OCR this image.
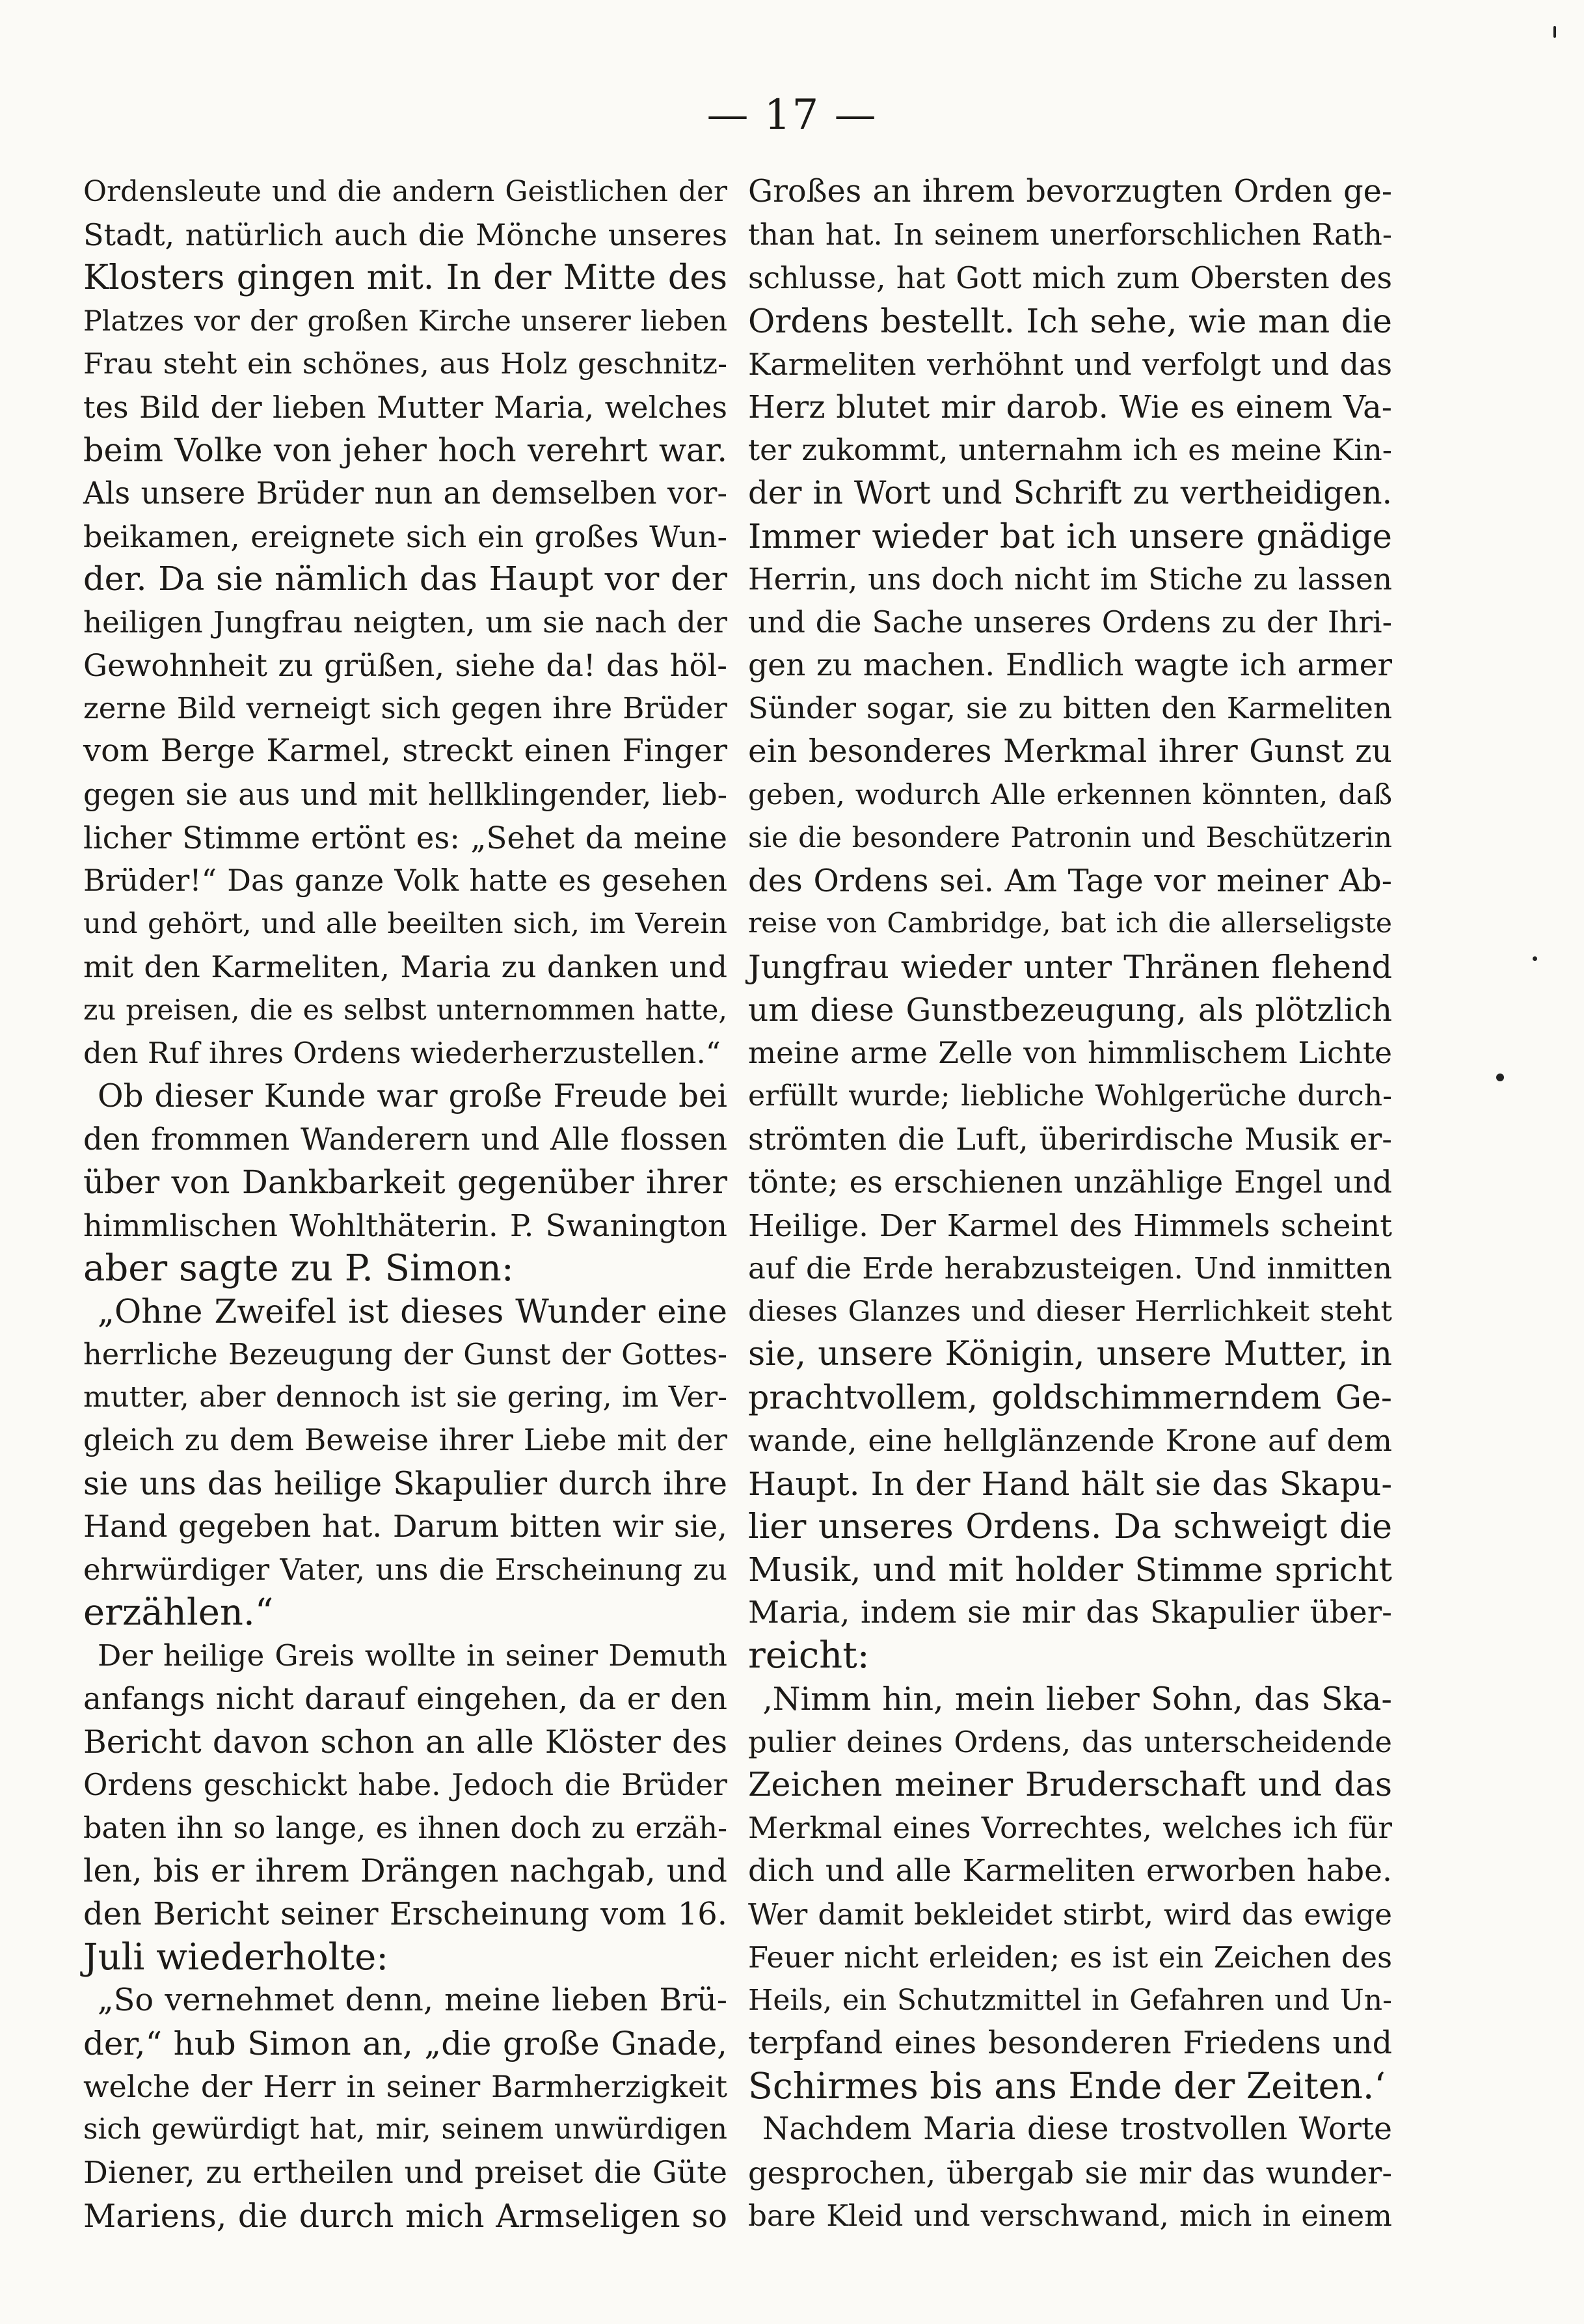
— 17 —
Ordensleute und die andern Geistlichen der
Stadt, natürlich auch die Mönche unseres
Klosters gingen mit. In der Mitte des
Platzes vor der großen Kirche unserer lieben
Frau steht ein schönes, aus Holz geschnitz-
tes Bild der lieben Mutter Maria, welches
beim Volke von jeher hoch verehrt war.
Als unsere Brüder nun an demselben vor-
beikamen, ereignete sich ein großes Wun-
der. Da sie nämlich das Haupt vor der
heiligen Jungfrau neigten, um sie nach der
Gewohnheit zu grüßen, siehe da! das höl-
zerne Bild verneigt sich gegen ihre Brüder
vom Berge Karmel, streckt einen Finger
gegen sie aus und mit hellklingender, lieb-
licher Stimme ertönt es: „Sehet da meine
Brüder!“ Das ganze Volk hatte es gesehen
und gehört, und alle beeilten sich, im Verein
mit den Karmeliten, Maria zu danken und
zu preisen, die es selbst unternommen hatte,
den Ruf ihres Ordens wiederherzustellen.“
Ob dieser Kunde war große Freude bei
den frommen Wanderern und Alle flossen
über von Dankbarkeit gegenüber ihrer
himmlischen Wohlthäterin. P. Swanington
aber sagte zu P. Simon:
„Ohne Zweifel ist dieses Wunder eine
herrliche Bezeugung der Gunst der Gottes-
mutter, aber dennoch ist sie gering, im Ver-
gleich zu dem Beweise ihrer Liebe mit der
sie uns das heilige Skapulier durch ihre
Hand gegeben hat. Darum bitten wir sie,
ehrwürdiger Vater, uns die Erscheinung zu
erzählen.“
Der heilige Greis wollte in seiner Demuth
anfangs nicht darauf eingehen, da er den
Bericht davon schon an alle Klöster des
Ordens geschickt habe. Jedoch die Brüder
baten ihn so lange, es ihnen doch zu erzäh-
len, bis er ihrem Drängen nachgab, und
den Bericht seiner Erscheinung vom 16.
Juli wiederholte:
„So vernehmet denn, meine lieben Brü-
der,“ hub Simon an, „die große Gnade,
welche der Herr in seiner Barmherzigkeit
sich gewürdigt hat, mir, seinem unwürdigen
Diener, zu ertheilen und preiset die Güte
Mariens, die durch mich Armseligen so
Großes an ihrem bevorzugten Orden ge-
than hat. In seinem unerforschlichen Rath-
schlusse, hat Gott mich zum Obersten des
Ordens bestellt. Ich sehe, wie man die
Karmeliten verhöhnt und verfolgt und das
Herz blutet mir darob. Wie es einem Va-
ter zukommt, unternahm ich es meine Kin-
der in Wort und Schrift zu vertheidigen.
Immer wieder bat ich unsere gnädige
Herrin, uns doch nicht im Stiche zu lassen
und die Sache unseres Ordens zu der Ihri-
gen zu machen. Endlich wagte ich armer
Sünder sogar, sie zu bitten den Karmeliten
ein besonderes Merkmal ihrer Gunst zu
geben, wodurch Alle erkennen könnten, daß
sie die besondere Patronin und Beschützerin
des Ordens sei. Am Tage vor meiner Ab-
reise von Cambridge, bat ich die allerseligste
Jungfrau wieder unter Thränen flehend
um diese Gunstbezeugung, als plötzlich
meine arme Zelle von himmlischem Lichte
erfüllt wurde; liebliche Wohlgerüche durch-
strömten die Luft, überirdische Musik er-
tönte; es erschienen unzählige Engel und
Heilige. Der Karmel des Himmels scheint
auf die Erde herabzusteigen. Und inmitten
dieses Glanzes und dieser Herrlichkeit steht
sie, unsere Königin, unsere Mutter, in
prachtvollem, goldschimmerndem Ge-
wande, eine hellglänzende Krone auf dem
Haupt. In der Hand hält sie das Skapu-
lier unseres Ordens. Da schweigt die
Musik, und mit holder Stimme spricht
Maria, indem sie mir das Skapulier über-
reicht:
‚Nimm hin, mein lieber Sohn, das Ska-
pulier deines Ordens, das unterscheidende
Zeichen meiner Bruderschaft und das
Merkmal eines Vorrechtes, welches ich für
dich und alle Karmeliten erworben habe.
Wer damit bekleidet stirbt, wird das ewige
Feuer nicht erleiden; es ist ein Zeichen des
Heils, ein Schutzmittel in Gefahren und Un-
terpfand eines besonderen Friedens und
Schirmes bis ans Ende der Zeiten.‘
Nachdem Maria diese trostvollen Worte
gesprochen, übergab sie mir das wunder-
bare Kleid und verschwand, mich in einem
